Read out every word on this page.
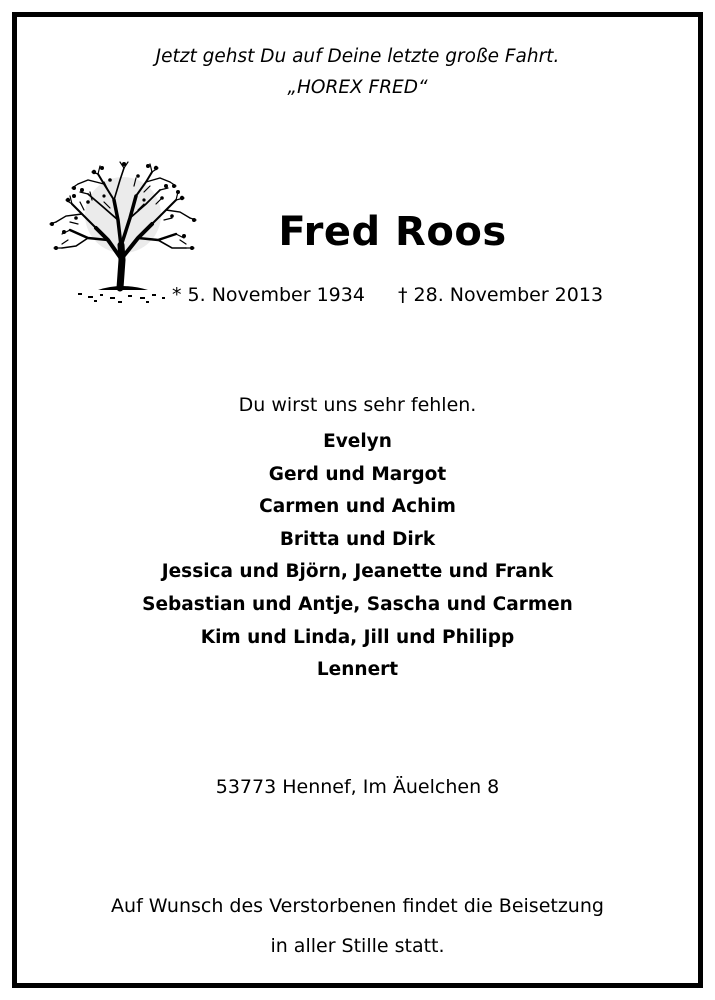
Jetzt gehst Du auf Deine letzte große Fahrt.
„HOREX FRED“
Fred Roos
* 5. November 1934 † 28. November 2013
Du wirst uns sehr fehlen.
Evelyn
Gerd und Margot
Carmen und Achim
Britta und Dirk
Jessica und Björn, Jeanette und Frank
Sebastian und Antje, Sascha und Carmen
Kim und Linda, Jill und Philipp
Lennert
53773 Hennef, Im Äuelchen 8
Auf Wunsch des Verstorbenen findet die Beisetzung
in aller Stille statt.
